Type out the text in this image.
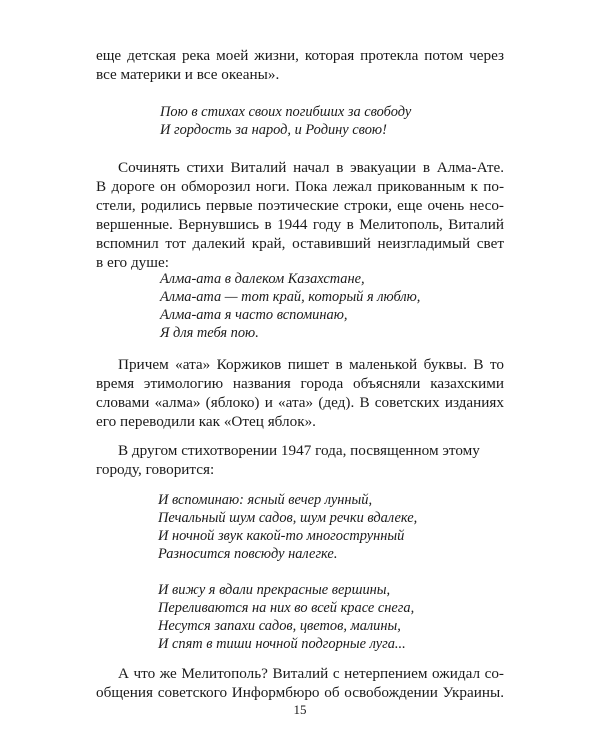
еще детская река моей жизни, которая протекла потом через
все материки и все океаны».
Пою в стихах своих погибших за свободу
И гордость за народ, и Родину свою!
Сочинять стихи Виталий начал в эвакуации в Алма-Ате.
В дороге он обморозил ноги. Пока лежал прикованным к по-
стели, родились первые поэтические строки, еще очень несо-
вершенные. Вернувшись в 1944 году в Мелитополь, Виталий
вспомнил тот далекий край, оставивший неизгладимый свет
в его душе:
Алма-ата в далеком Казахстане,
Алма-ата — тот край, который я люблю,
Алма-ата я часто вспоминаю,
Я для тебя пою.
Причем «ата» Коржиков пишет в маленькой буквы. В то
время этимологию названия города объясняли казахскими
словами «алма» (яблоко) и «ата» (дед). В советских изданиях
его переводили как «Отец яблок».
В другом стихотворении 1947 года, посвященном этому
городу, говорится:
И вспоминаю: ясный вечер лунный,
Печальный шум садов, шум речки вдалеке,
И ночной звук какой-то многострунный
Разносится повсюду налегке.
И вижу я вдали прекрасные вершины,
Переливаются на них во всей красе снега,
Несутся запахи садов, цветов, малины,
И спят в тиши ночной подгорные луга...
А что же Мелитополь? Виталий с нетерпением ожидал со-
общения советского Информбюро об освобождении Украины.
15
